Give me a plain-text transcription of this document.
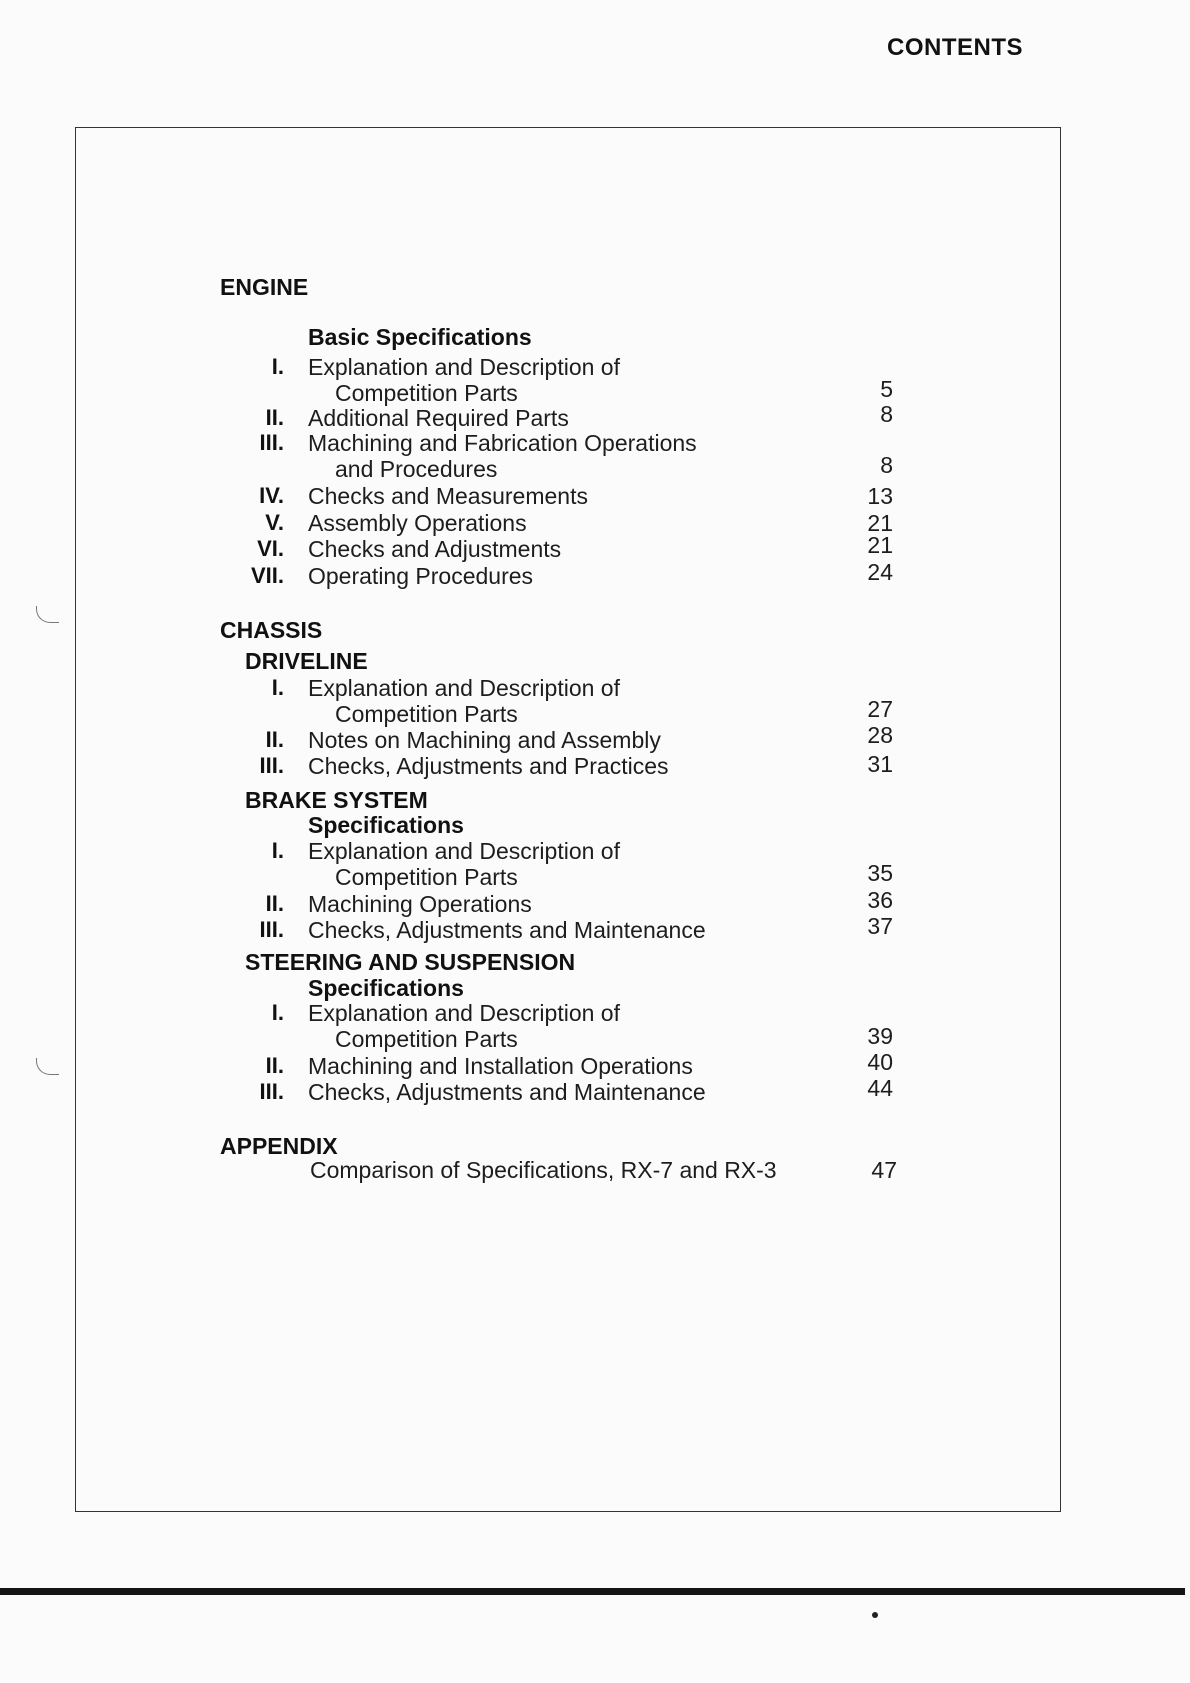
CONTENTS
ENGINE
Basic Specifications
I. Explanation and Description of
Competition Parts	5
II. Additional Required Parts	8
III. Machining and Fabrication Operations
and Procedures	8
IV. Checks and Measurements	13
V. Assembly Operations	21
VI. Checks and Adjustments	21
VII. Operating Procedures	24
CHASSIS
DRIVELINE
I. Explanation and Description of
Competition Parts	27
II. Notes on Machining and Assembly	28
III. Checks, Adjustments and Practices	31
BRAKE SYSTEM
Specifications
I. Explanation and Description of
Competition Parts	35
II. Machining Operations	36
III. Checks, Adjustments and Maintenance	37
STEERING AND SUSPENSION
Specifications
I. Explanation and Description of
Competition Parts	39
II. Machining and Installation Operations	40
III. Checks, Adjustments and Maintenance	44
APPENDIX
Comparison of Specifications, RX-7 and RX-3	47
